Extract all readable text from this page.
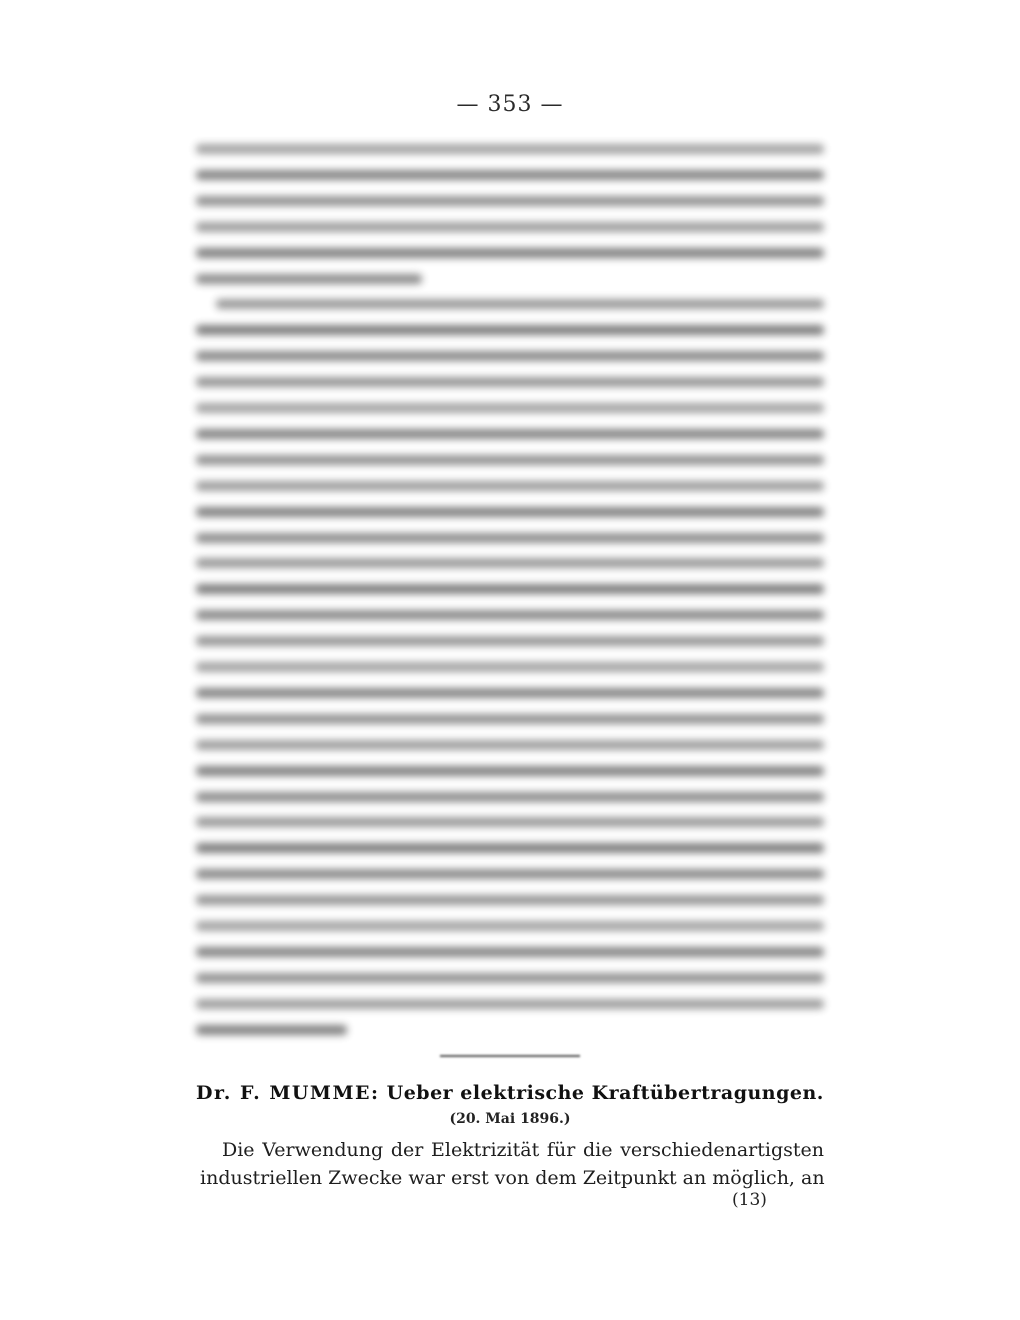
— 353 —
Dr. F. MUMME: Ueber elektrische Kraftübertragungen.
(20. Mai 1896.)
Die Verwendung der Elektrizität für die verschiedenartigsten
industriellen Zwecke war erst von dem Zeitpunkt an möglich, an
(13)
